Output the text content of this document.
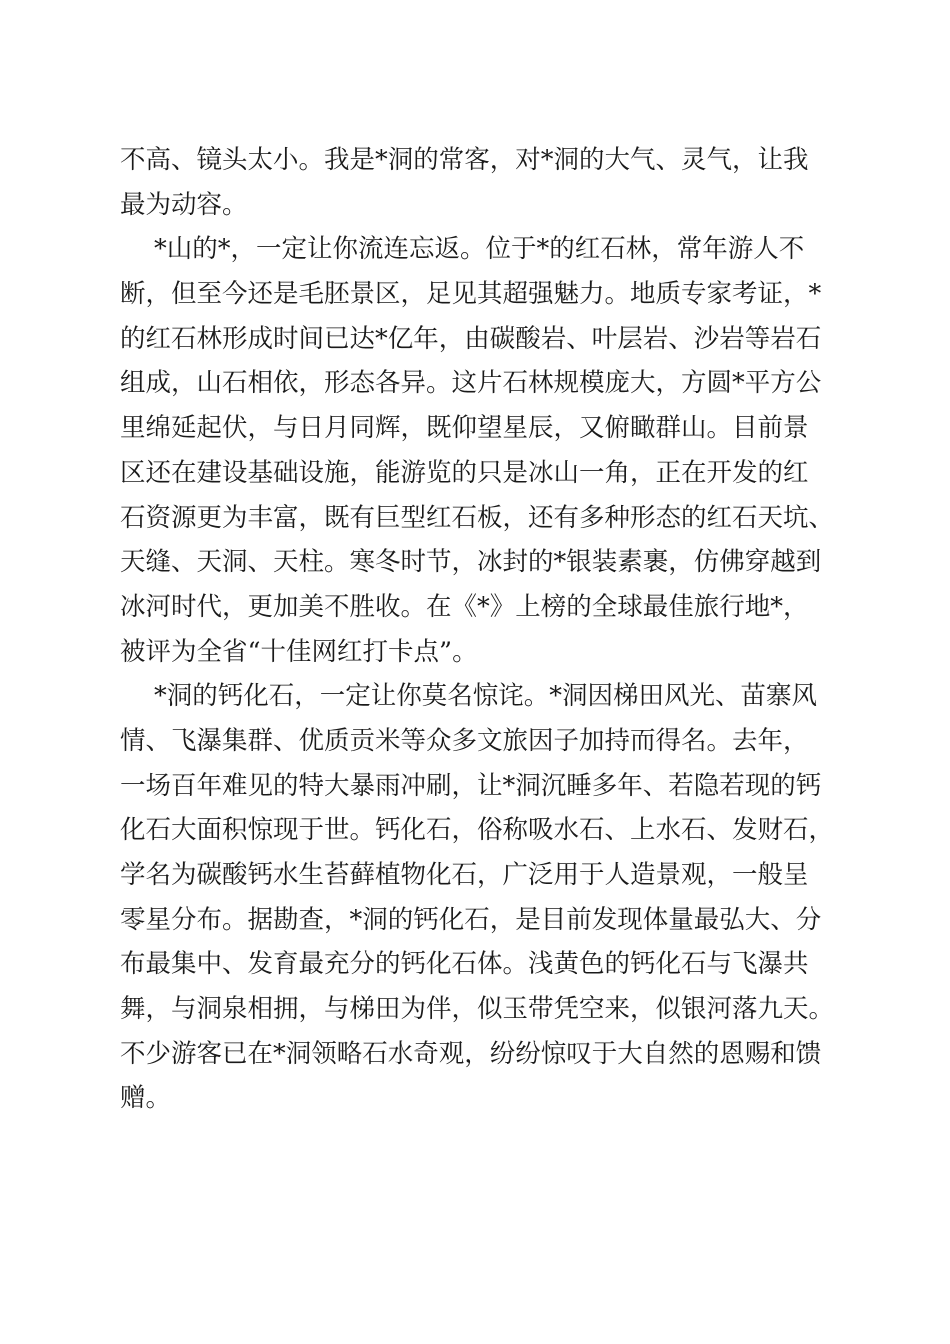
不高、镜头太小。我是*洞的常客，对*洞的大气、灵气，让我
最为动容。
*山的*，一定让你流连忘返。位于*的红石林，常年游人不
断，但至今还是毛胚景区，足见其超强魅力。地质专家考证，*
的红石林形成时间已达*亿年，由碳酸岩、叶层岩、沙岩等岩石
组成，山石相依，形态各异。这片石林规模庞大，方圆*平方公
里绵延起伏，与日月同辉，既仰望星辰，又俯瞰群山。目前景
区还在建设基础设施，能游览的只是冰山一角，正在开发的红
石资源更为丰富，既有巨型红石板，还有多种形态的红石天坑、
天缝、天洞、天柱。寒冬时节，冰封的*银装素裹，仿佛穿越到
冰河时代，更加美不胜收。在《*》上榜的全球最佳旅行地*，
被评为全省“十佳网红打卡点”。
*洞的钙化石，一定让你莫名惊诧。*洞因梯田风光、苗寨风
情、飞瀑集群、优质贡米等众多文旅因子加持而得名。去年，
一场百年难见的特大暴雨冲刷，让*洞沉睡多年、若隐若现的钙
化石大面积惊现于世。钙化石，俗称吸水石、上水石、发财石，
学名为碳酸钙水生苔藓植物化石，广泛用于人造景观，一般呈
零星分布。据勘查，*洞的钙化石，是目前发现体量最弘大、分
布最集中、发育最充分的钙化石体。浅黄色的钙化石与飞瀑共
舞，与洞泉相拥，与梯田为伴，似玉带凭空来，似银河落九天。
不少游客已在*洞领略石水奇观，纷纷惊叹于大自然的恩赐和馈
赠。
